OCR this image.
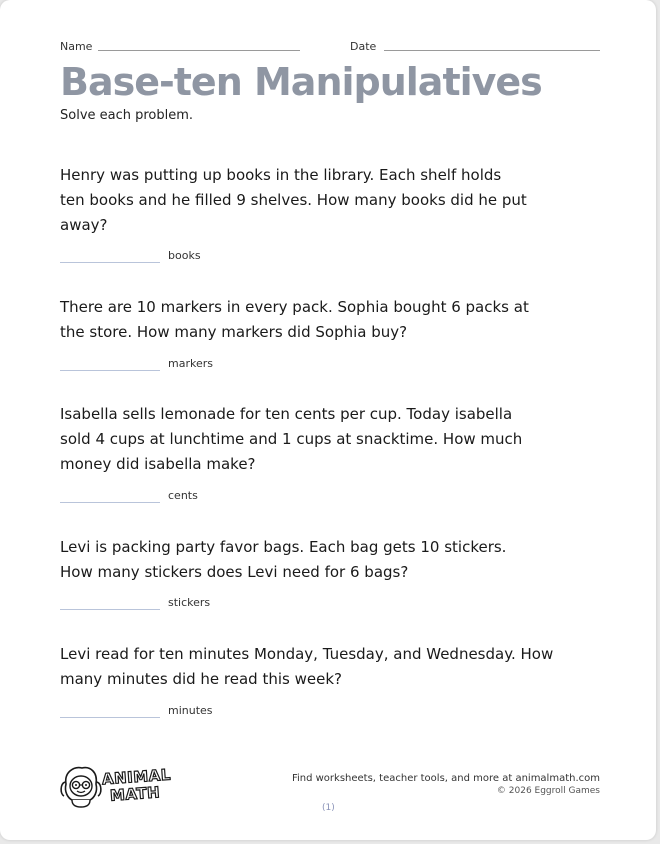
Name	Date
Base-ten Manipulatives
Solve each problem.

Henry was putting up books in the library. Each shelf holds
ten books and he filled 9 shelves. How many books did he put
away?

books

There are 10 markers in every pack. Sophia bought 6 packs at
the store. How many markers did Sophia buy?

markers

Isabella sells lemonade for ten cents per cup. Today isabella
sold 4 cups at lunchtime and 1 cups at snacktime. How much
money did isabella make?

cents

Levi is packing party favor bags. Each bag gets 10 stickers.
How many stickers does Levi need for 6 bags?

stickers

Levi read for ten minutes Monday, Tuesday, and Wednesday. How
many minutes did he read this week?

minutes
ANIMAL
MATH
Find worksheets, teacher tools, and more at animalmath.com
© 2026 Eggroll Games
(1)
